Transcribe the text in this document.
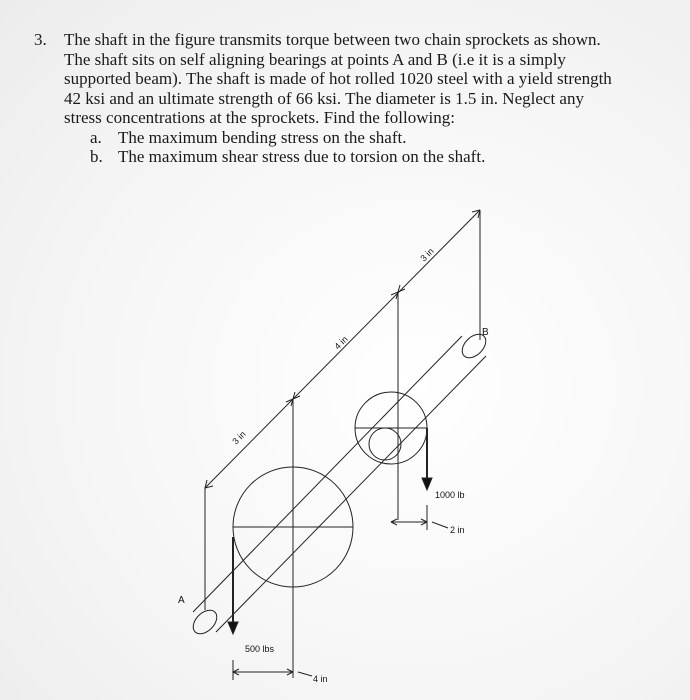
3.	The shaft in the figure transmits torque between two chain sprockets as shown.
The shaft sits on self aligning bearings at points A and B (i.e it is a simply
supported beam). The shaft is made of hot rolled 1020 steel with a yield strength
42 ksi and an ultimate strength of 66 ksi. The diameter is 1.5 in. Neglect any
stress concentrations at the sprockets. Find the following:
a. The maximum bending stress on the shaft.
b. The maximum shear stress due to torsion on the shaft.
A
B
3 in
4 in
3 in
500 lbs
1000 lb
4 in
2 in
